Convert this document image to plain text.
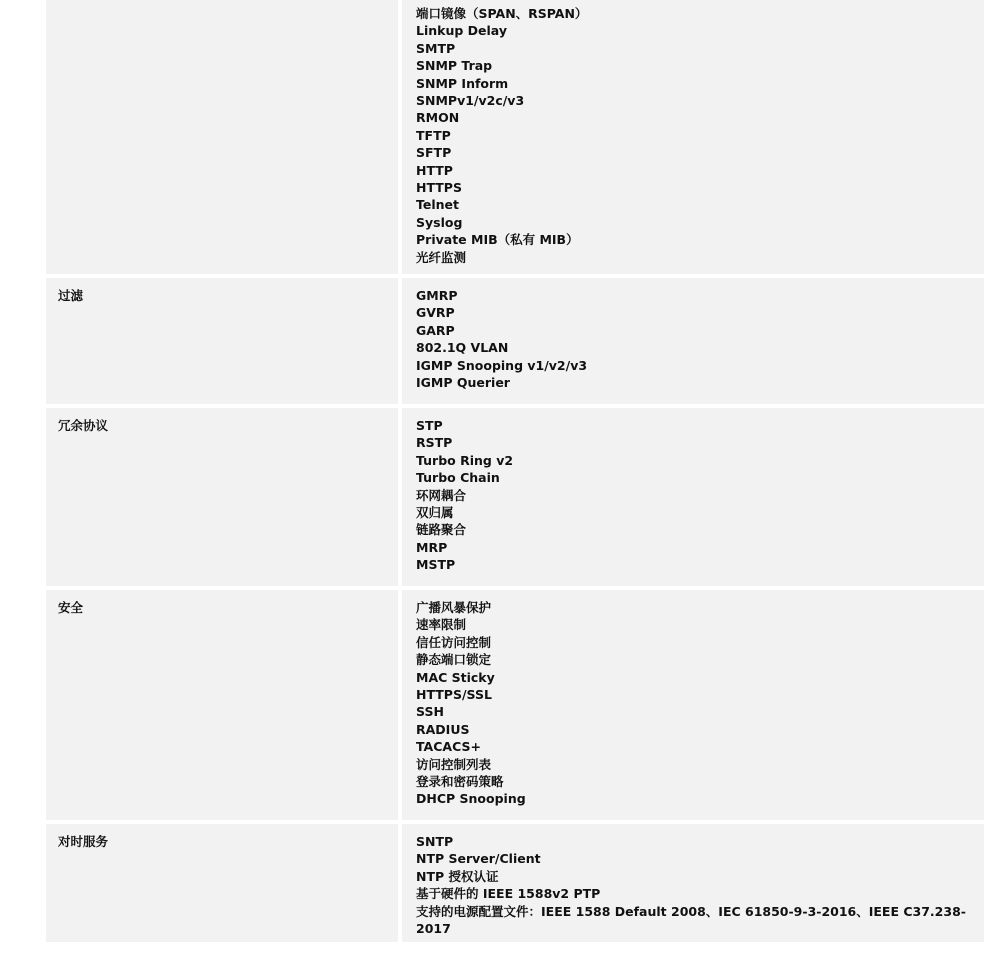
端口镜像（SPAN、RSPAN）
Linkup Delay
SMTP
SNMP Trap
SNMP Inform
SNMPv1/v2c/v3
RMON
TFTP
SFTP
HTTP
HTTPS
Telnet
Syslog
Private MIB（私有 MIB）
光纤监测
过滤	GMRP
GVRP
GARP
802.1Q VLAN
IGMP Snooping v1/v2/v3
IGMP Querier
冗余协议	STP
RSTP
Turbo Ring v2
Turbo Chain
环网耦合
双归属
链路聚合
MRP
MSTP
安全	广播风暴保护
速率限制
信任访问控制
静态端口锁定
MAC Sticky
HTTPS/SSL
SSH
RADIUS
TACACS+
访问控制列表
登录和密码策略
DHCP Snooping
对时服务	SNTP
NTP Server/Client
NTP 授权认证
基于硬件的 IEEE 1588v2 PTP
支持的电源配置文件：IEEE 1588 Default 2008、IEC 61850-9-3-2016、IEEE C37.238-2017
